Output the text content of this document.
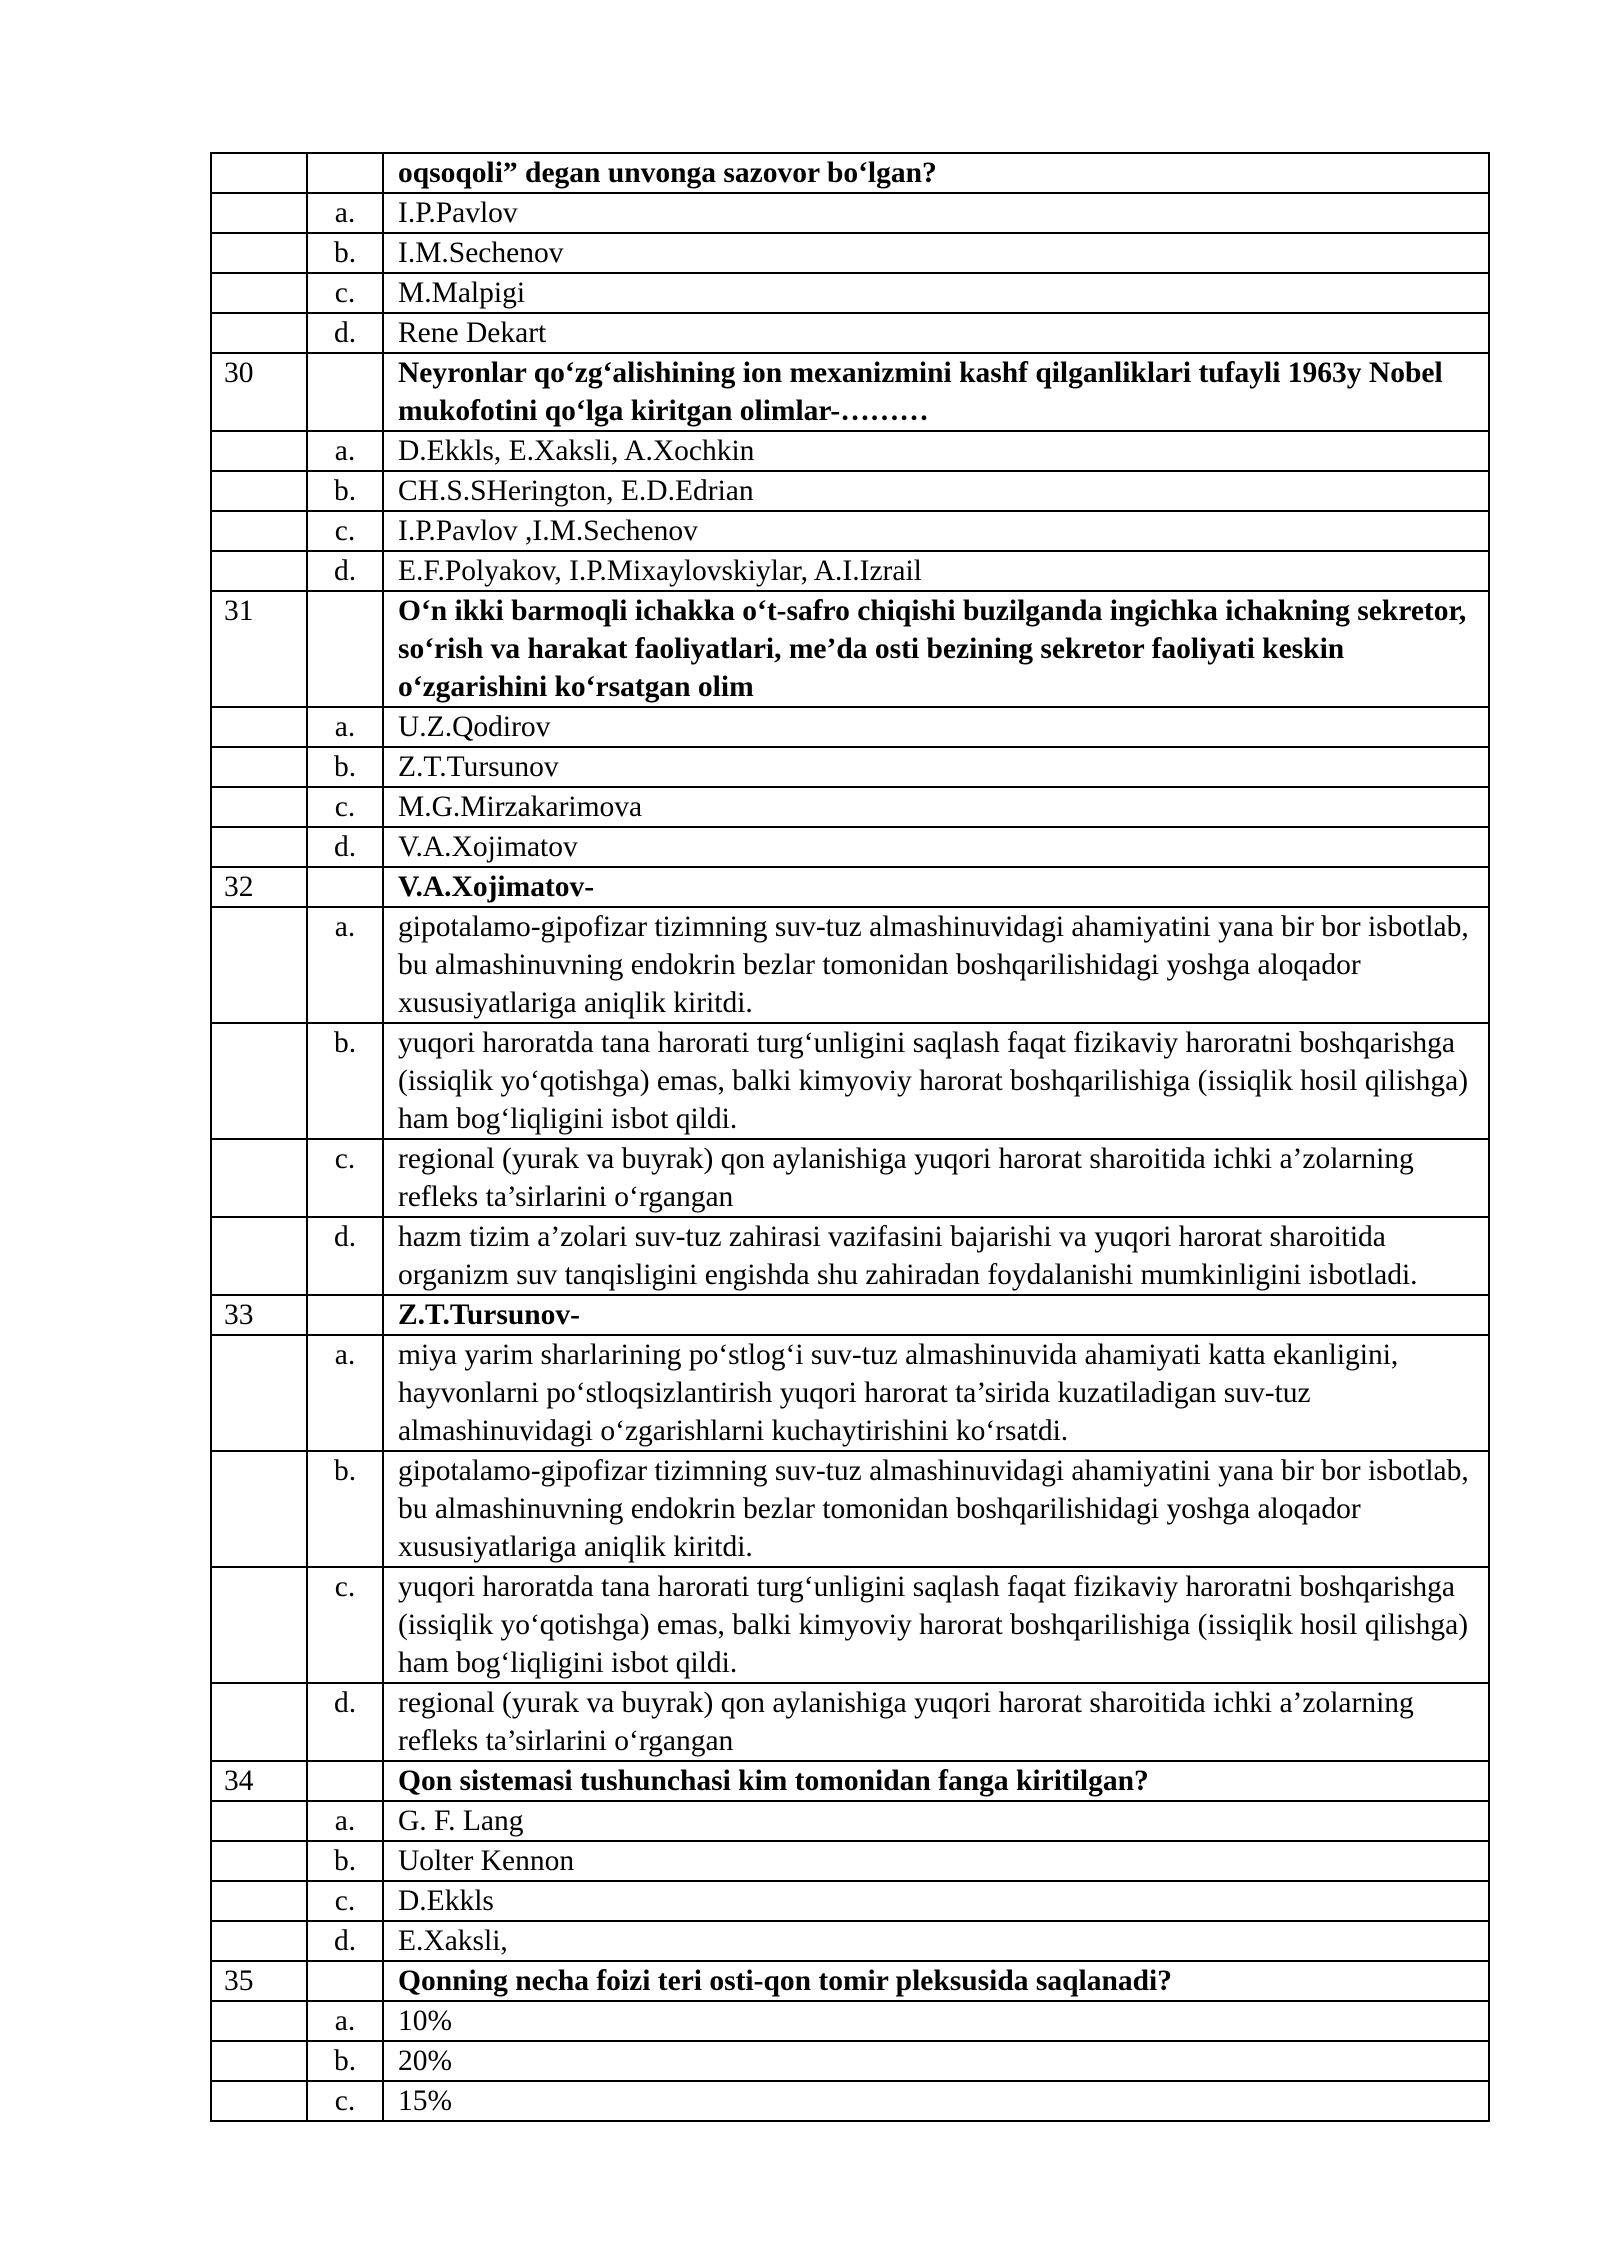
		oqsoqoli” degan unvonga sazovor bo‘lgan?
	a.	I.P.Pavlov
	b.	I.M.Sechenov
	c.	M.Malpigi
	d.	Rene Dekart
30		Neyronlar qo‘zg‘alishining ion mexanizmini kashf qilganliklari tufayli 1963y Nobel mukofotini qo‘lga kiritgan olimlar-………
	a.	D.Ekkls, E.Xaksli, A.Xochkin
	b.	CH.S.SHerington, E.D.Edrian
	c.	I.P.Pavlov ,I.M.Sechenov
	d.	E.F.Polyakov, I.P.Mixaylovskiylar, A.I.Izrail
31		O‘n ikki barmoqli ichakka o‘t-safro chiqishi buzilganda ingichka ichakning sekretor, so‘rish va harakat faoliyatlari, me’da osti bezining sekretor faoliyati keskin o‘zgarishini ko‘rsatgan olim
	a.	U.Z.Qodirov
	b.	Z.T.Tursunov
	c.	M.G.Mirzakarimova
	d.	V.A.Xojimatov
32		V.A.Xojimatov-
	a.	gipotalamo-gipofizar tizimning suv-tuz almashinuvidagi ahamiyatini yana bir bor isbotlab, bu almashinuvning endokrin bezlar tomonidan boshqarilishidagi yoshga aloqador xususiyatlariga aniqlik kiritdi.
	b.	yuqori haroratda tana harorati turg‘unligini saqlash faqat fizikaviy haroratni boshqarishga (issiqlik yo‘qotishga) emas, balki kimyoviy harorat boshqarilishiga (issiqlik hosil qilishga) ham bog‘liqligini isbot qildi.
	c.	regional (yurak va buyrak) qon aylanishiga yuqori harorat sharoitida ichki a’zolarning refleks ta’sirlarini o‘rgangan
	d.	hazm tizim a’zolari suv-tuz zahirasi vazifasini bajarishi va yuqori harorat sharoitida organizm suv tanqisligini engishda shu zahiradan foydalanishi mumkinligini isbotladi.
33		Z.T.Tursunov-
	a.	miya yarim sharlarining po‘stlog‘i suv-tuz almashinuvida ahamiyati katta ekanligini, hayvonlarni po‘stloqsizlantirish yuqori harorat ta’sirida kuzatiladigan suv-tuz almashinuvidagi o‘zgarishlarni kuchaytirishini ko‘rsatdi.
	b.	gipotalamo-gipofizar tizimning suv-tuz almashinuvidagi ahamiyatini yana bir bor isbotlab, bu almashinuvning endokrin bezlar tomonidan boshqarilishidagi yoshga aloqador xususiyatlariga aniqlik kiritdi.
	c.	yuqori haroratda tana harorati turg‘unligini saqlash faqat fizikaviy haroratni boshqarishga (issiqlik yo‘qotishga) emas, balki kimyoviy harorat boshqarilishiga (issiqlik hosil qilishga) ham bog‘liqligini isbot qildi.
	d.	regional (yurak va buyrak) qon aylanishiga yuqori harorat sharoitida ichki a’zolarning refleks ta’sirlarini o‘rgangan
34		Qon sistemasi tushunchasi kim tomonidan fanga kiritilgan?
	a.	G. F. Lang
	b.	Uolter Kennon
	c.	D.Ekkls
	d.	E.Xaksli,
35		Qonning necha foizi teri osti-qon tomir pleksusida saqlanadi?
	a.	10%
	b.	20%
	c.	15%
